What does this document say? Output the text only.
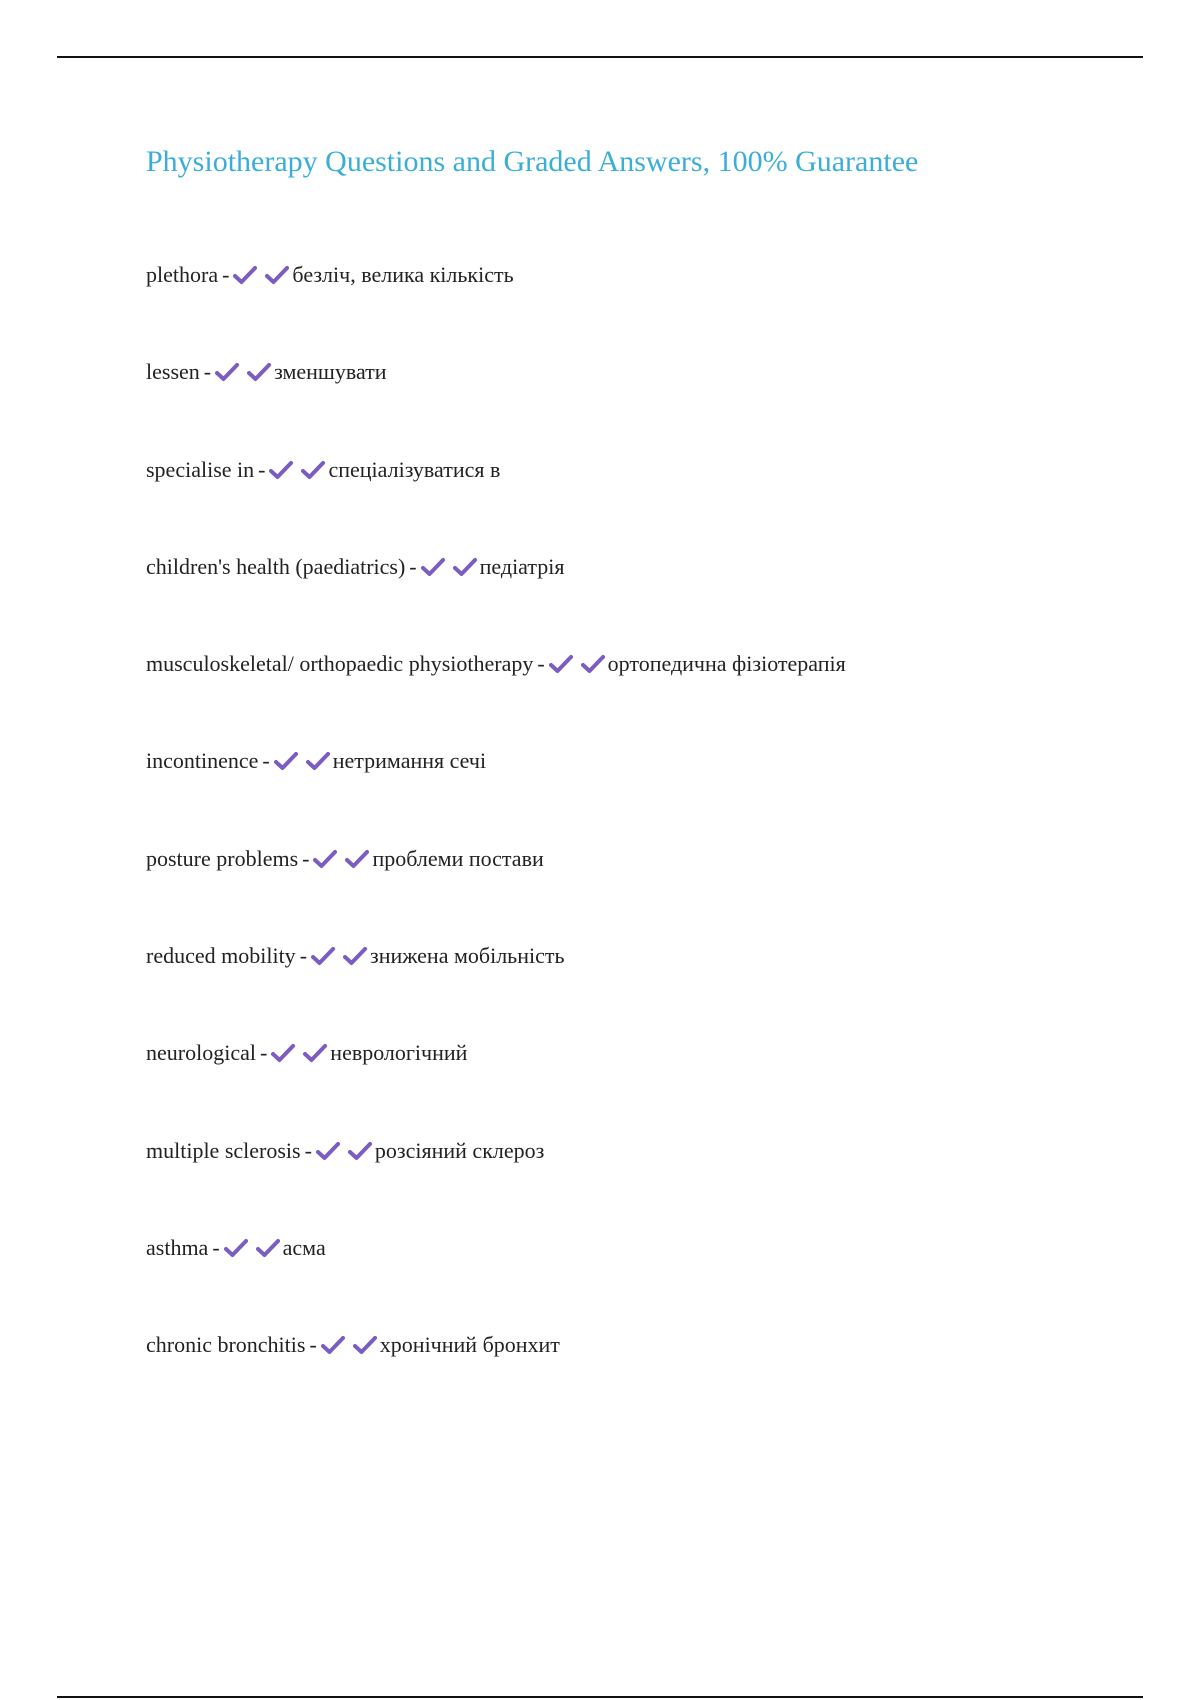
Physiotherapy Questions and Graded Answers, 100% Guarantee
plethora -	безліч, велика кількість
lessen -	зменшувати
specialise in -	спеціалізуватися в
children's health (paediatrics) -	педіатрія
musculoskeletal/ orthopaedic physiotherapy -	ортопедична фізіотерапія
incontinence -	нетримання сечі
posture problems -	проблеми постави
reduced mobility -	знижена мобільність
neurological -	неврологічний
multiple sclerosis -	розсіяний склероз
asthma -	асма
chronic bronchitis -	хронічний бронхит
